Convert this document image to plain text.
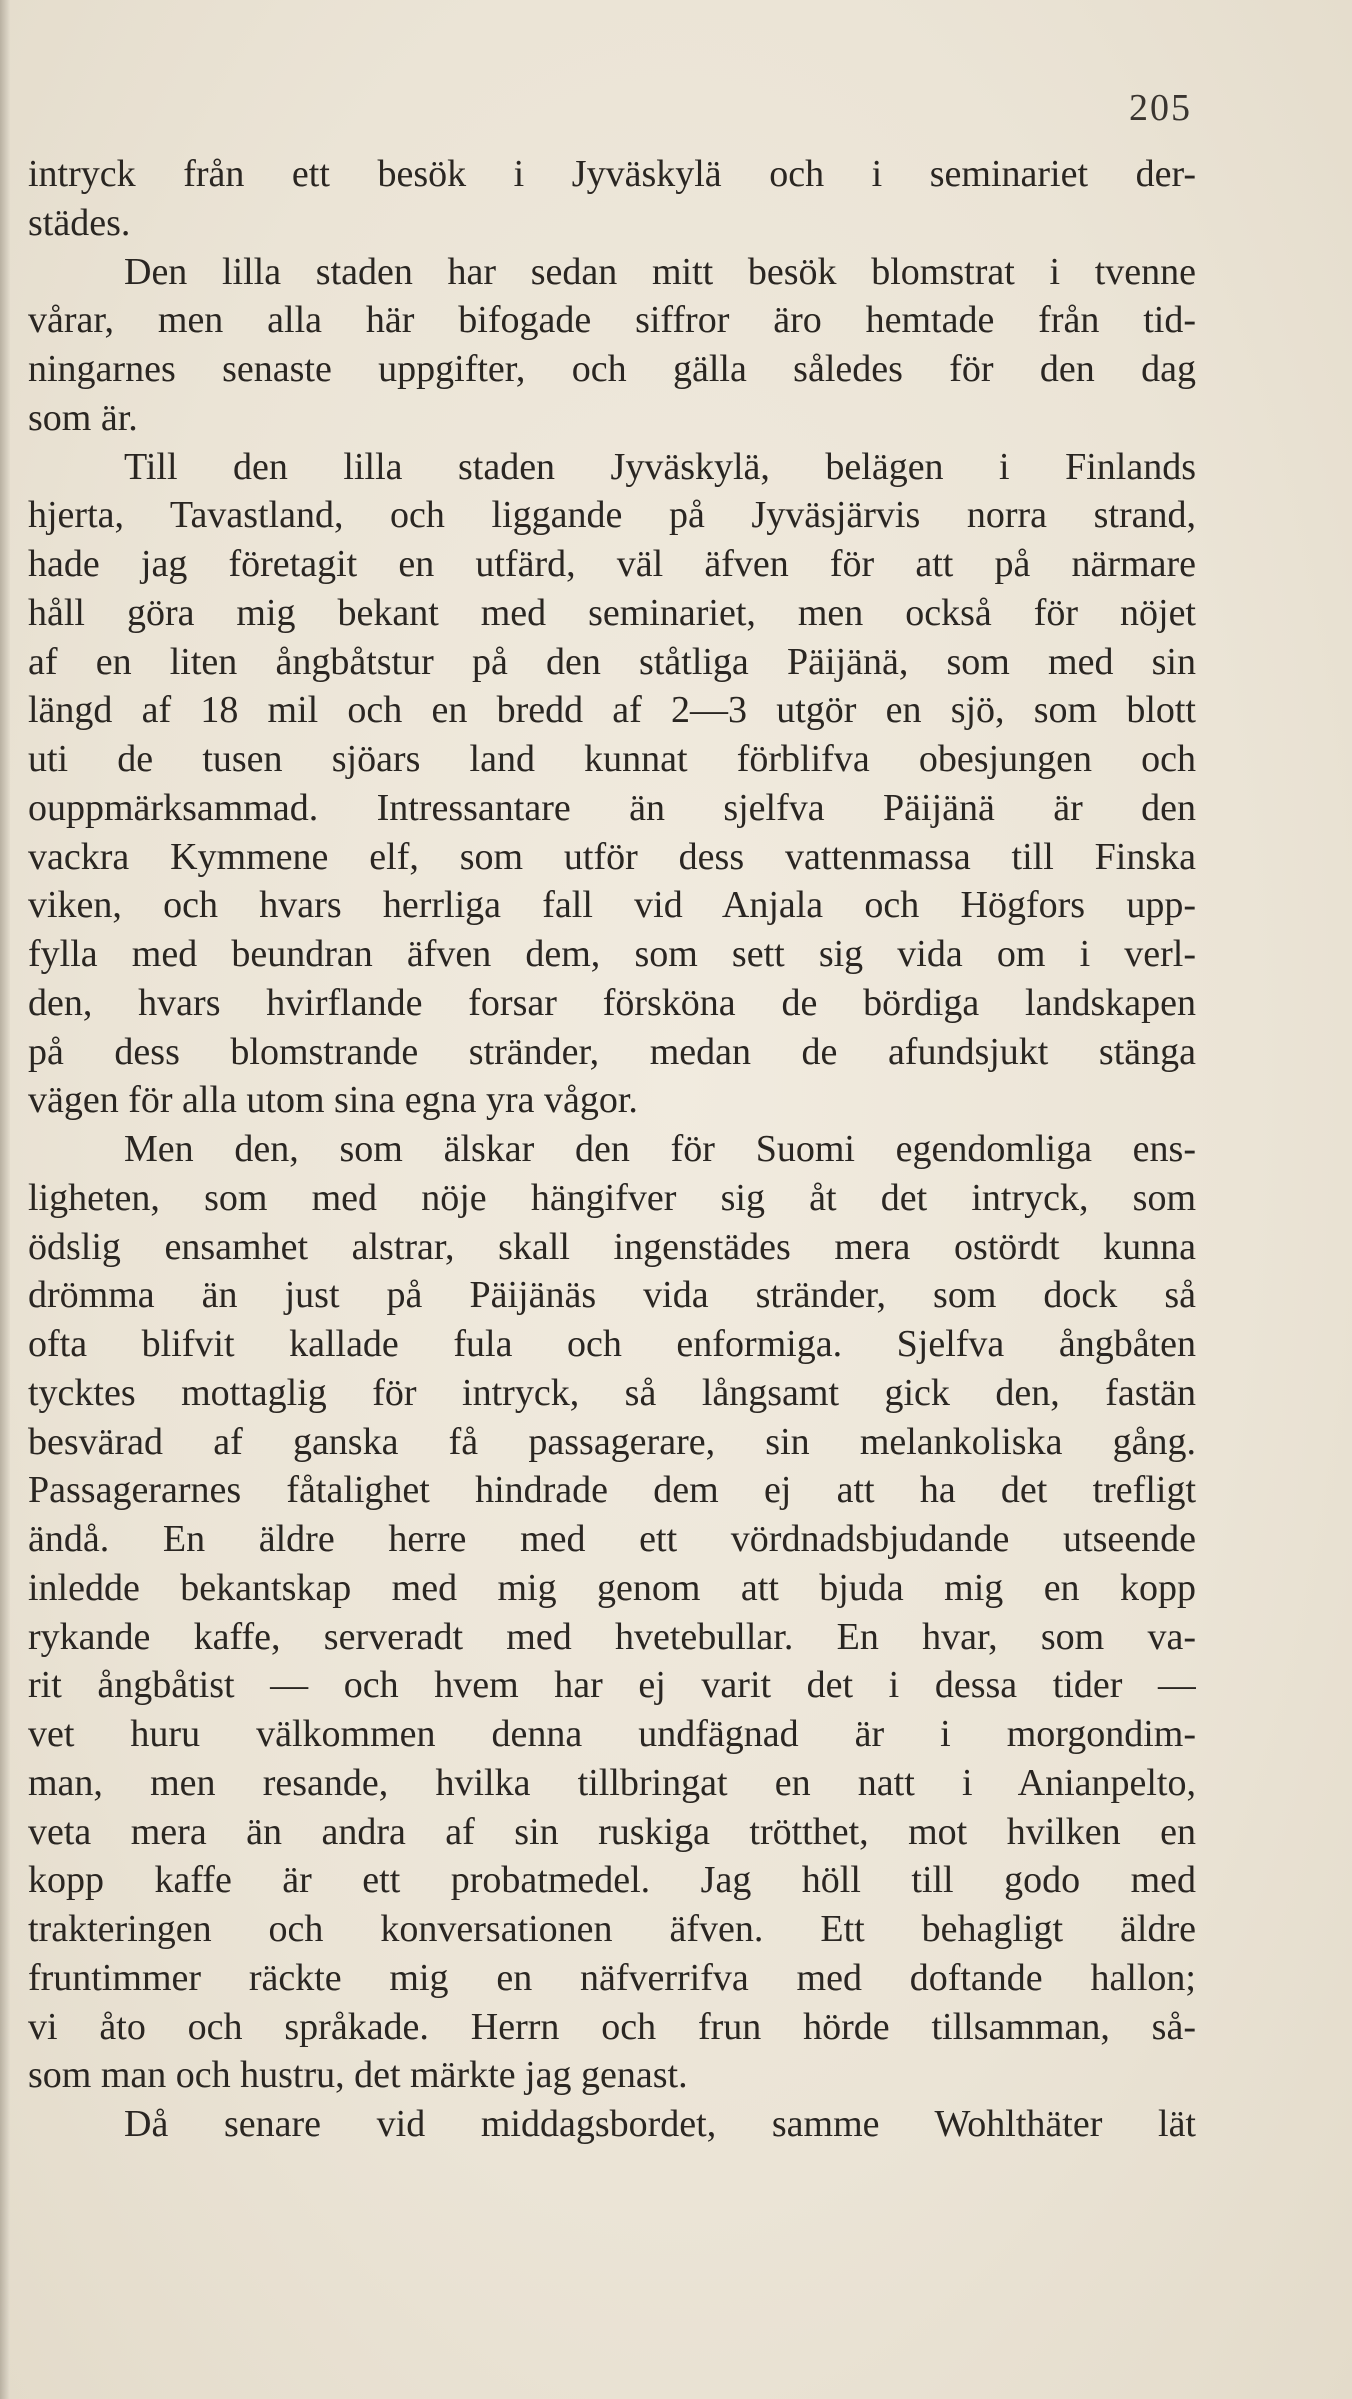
205
intryck från ett besök i Jyväskylä och i seminariet der-
städes.
Den lilla staden har sedan mitt besök blomstrat i tvenne
vårar, men alla här bifogade siffror äro hemtade från tid-
ningarnes senaste uppgifter, och gälla således för den dag
som är.
Till den lilla staden Jyväskylä, belägen i Finlands
hjerta, Tavastland, och liggande på Jyväsjärvis norra strand,
hade jag företagit en utfärd, väl äfven för att på närmare
håll göra mig bekant med seminariet, men också för nöjet
af en liten ångbåtstur på den ståtliga Päijänä, som med sin
längd af 18 mil och en bredd af 2—3 utgör en sjö, som blott
uti de tusen sjöars land kunnat förblifva obesjungen och
ouppmärksammad. Intressantare än sjelfva Päijänä är den
vackra Kymmene elf, som utför dess vattenmassa till Finska
viken, och hvars herrliga fall vid Anjala och Högfors upp-
fylla med beundran äfven dem, som sett sig vida om i verl-
den, hvars hvirflande forsar försköna de bördiga landskapen
på dess blomstrande stränder, medan de afundsjukt stänga
vägen för alla utom sina egna yra vågor.
Men den, som älskar den för Suomi egendomliga ens-
ligheten, som med nöje hängifver sig åt det intryck, som
ödslig ensamhet alstrar, skall ingenstädes mera ostördt kunna
drömma än just på Päijänäs vida stränder, som dock så
ofta blifvit kallade fula och enformiga. Sjelfva ångbåten
tycktes mottaglig för intryck, så långsamt gick den, fastän
besvärad af ganska få passagerare, sin melankoliska gång.
Passagerarnes fåtalighet hindrade dem ej att ha det trefligt
ändå. En äldre herre med ett vördnadsbjudande utseende
inledde bekantskap med mig genom att bjuda mig en kopp
rykande kaffe, serveradt med hvetebullar. En hvar, som va-
rit ångbåtist — och hvem har ej varit det i dessa tider —
vet huru välkommen denna undfägnad är i morgondim-
man, men resande, hvilka tillbringat en natt i Anianpelto,
veta mera än andra af sin ruskiga trötthet, mot hvilken en
kopp kaffe är ett probatmedel. Jag höll till godo med
trakteringen och konversationen äfven. Ett behagligt äldre
fruntimmer räckte mig en näfverrifva med doftande hallon;
vi åto och språkade. Herrn och frun hörde tillsamman, så-
som man och hustru, det märkte jag genast.
Då senare vid middagsbordet, samme Wohlthäter lät
